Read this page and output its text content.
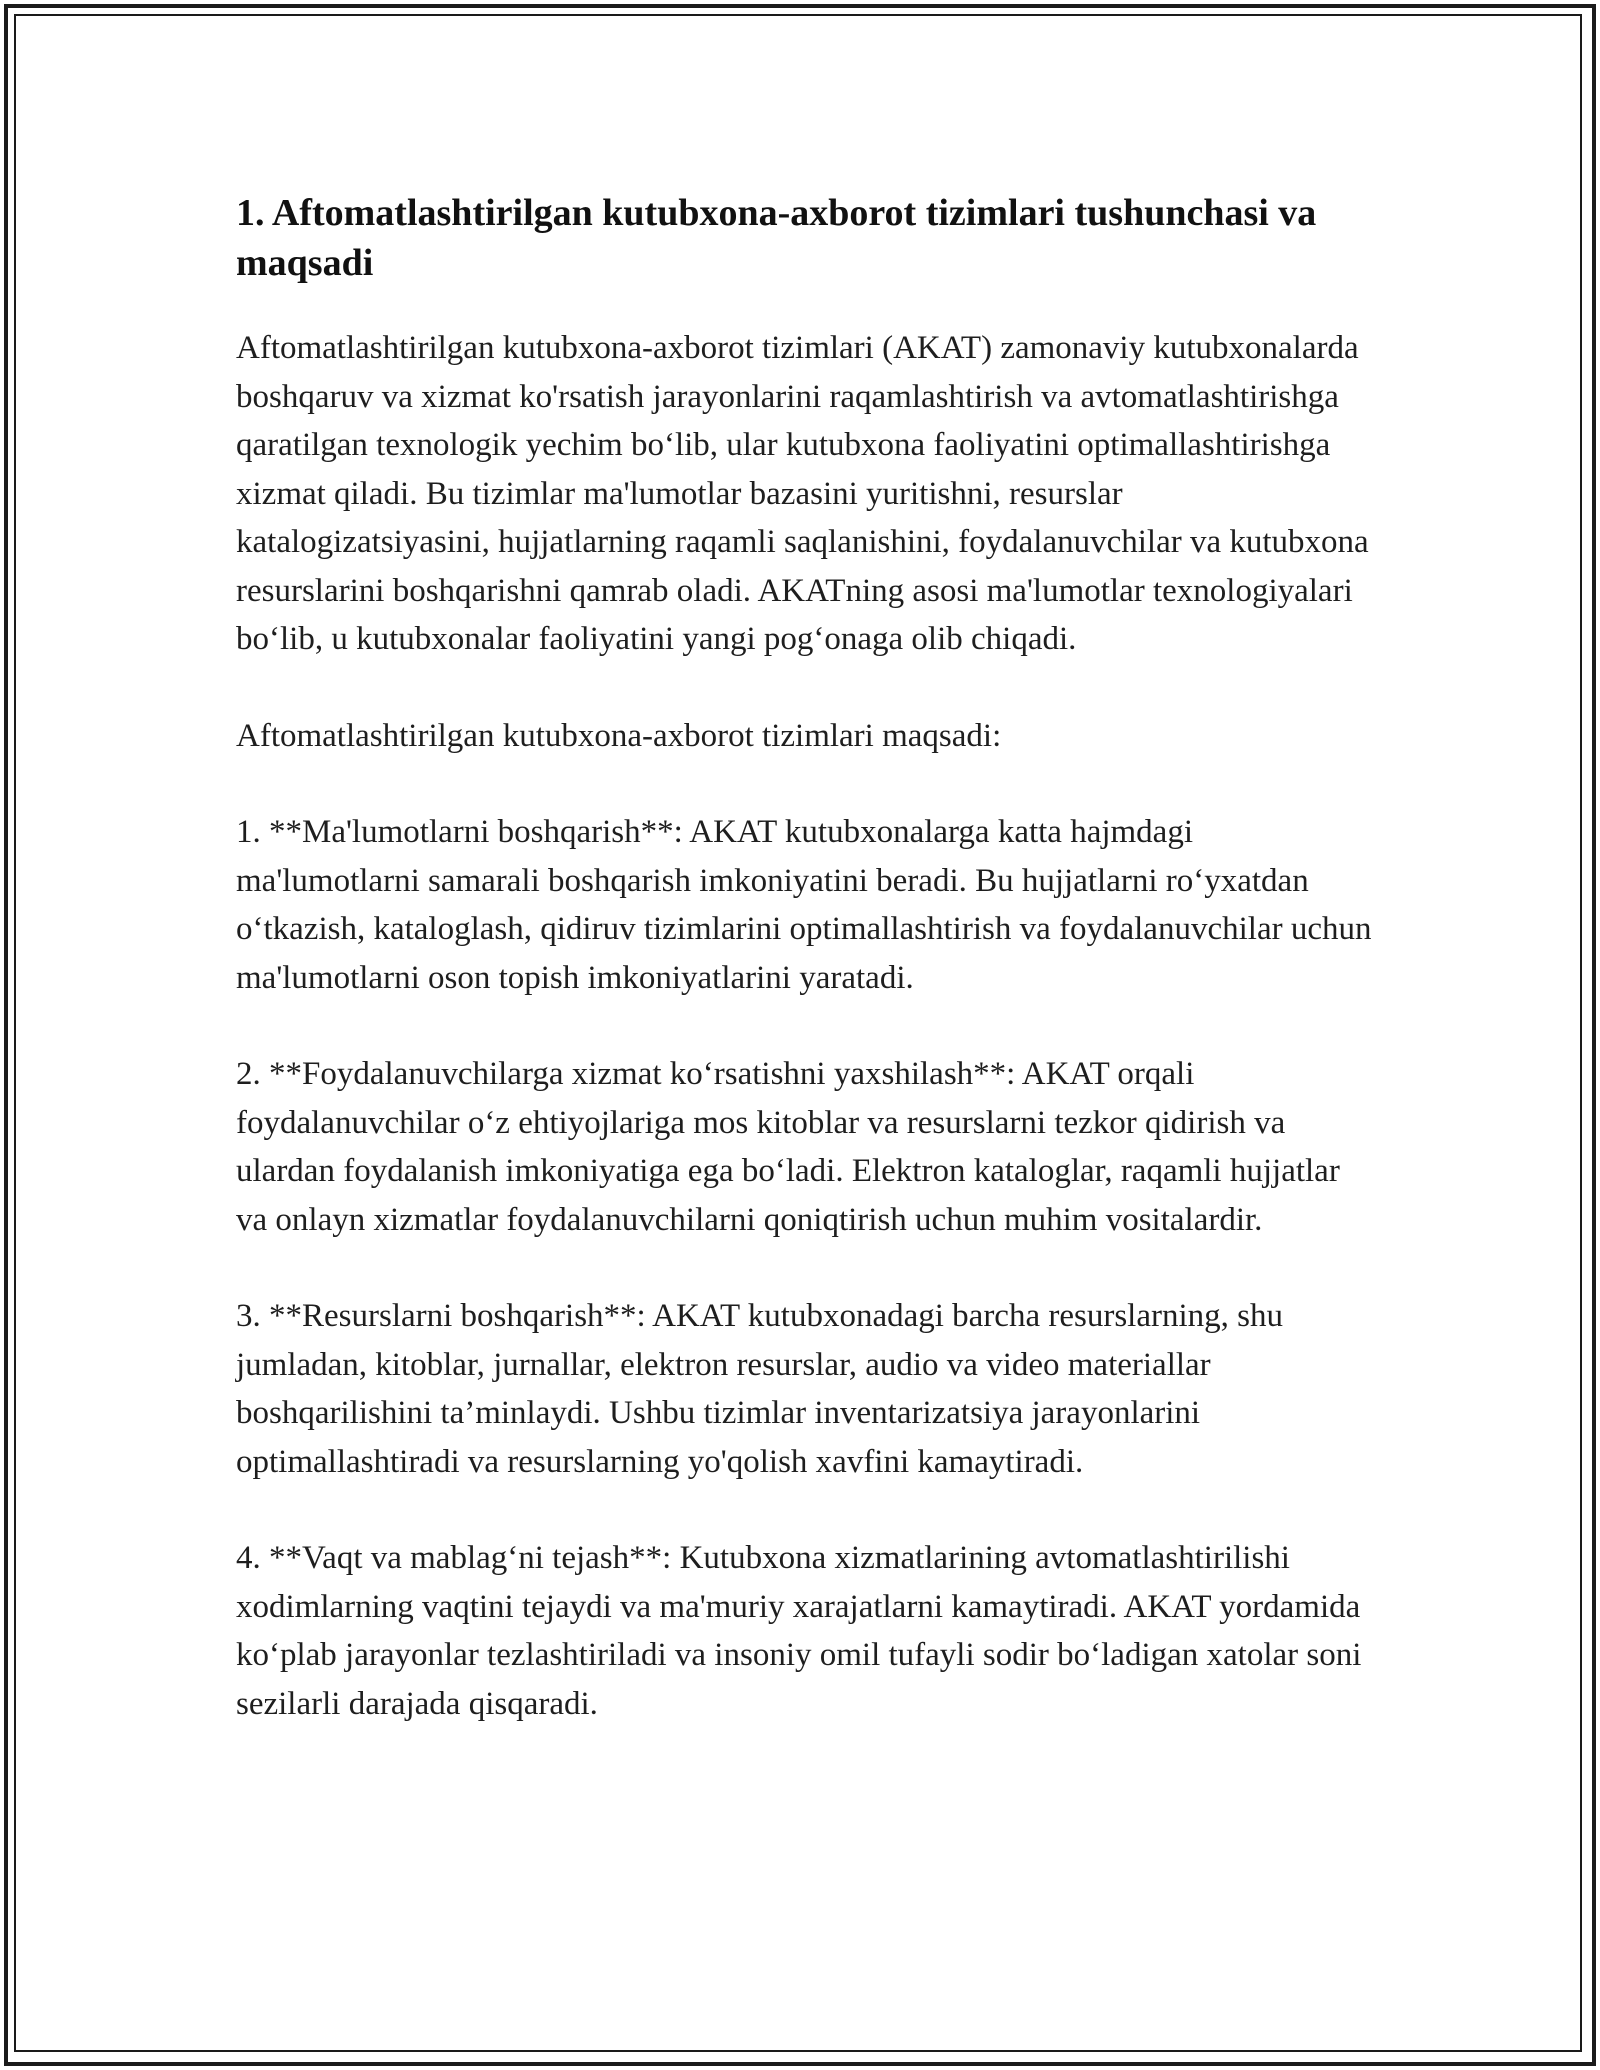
1. Aftomatlashtirilgan kutubxona-axborot tizimlari tushunchasi va maqsadi

Aftomatlashtirilgan kutubxona-axborot tizimlari (AKAT) zamonaviy kutubxonalarda boshqaruv va xizmat ko'rsatish jarayonlarini raqamlashtirish va avtomatlashtirishga qaratilgan texnologik yechim bo‘lib, ular kutubxona faoliyatini optimallashtirishga xizmat qiladi. Bu tizimlar ma'lumotlar bazasini yuritishni, resurslar katalogizatsiyasini, hujjatlarning raqamli saqlanishini, foydalanuvchilar va kutubxona resurslarini boshqarishni qamrab oladi. AKATning asosi ma'lumotlar texnologiyalari bo‘lib, u kutubxonalar faoliyatini yangi pog‘onaga olib chiqadi.

Aftomatlashtirilgan kutubxona-axborot tizimlari maqsadi:

1. **Ma'lumotlarni boshqarish**: AKAT kutubxonalarga katta hajmdagi ma'lumotlarni samarali boshqarish imkoniyatini beradi. Bu hujjatlarni ro‘yxatdan o‘tkazish, kataloglash, qidiruv tizimlarini optimallashtirish va foydalanuvchilar uchun ma'lumotlarni oson topish imkoniyatlarini yaratadi.

2. **Foydalanuvchilarga xizmat ko‘rsatishni yaxshilash**: AKAT orqali foydalanuvchilar o‘z ehtiyojlariga mos kitoblar va resurslarni tezkor qidirish va ulardan foydalanish imkoniyatiga ega bo‘ladi. Elektron kataloglar, raqamli hujjatlar va onlayn xizmatlar foydalanuvchilarni qoniqtirish uchun muhim vositalardir.

3. **Resurslarni boshqarish**: AKAT kutubxonadagi barcha resurslarning, shu jumladan, kitoblar, jurnallar, elektron resurslar, audio va video materiallar boshqarilishini ta’minlaydi. Ushbu tizimlar inventarizatsiya jarayonlarini optimallashtiradi va resurslarning yo'qolish xavfini kamaytiradi.

4. **Vaqt va mablag‘ni tejash**: Kutubxona xizmatlarining avtomatlashtirilishi xodimlarning vaqtini tejaydi va ma'muriy xarajatlarni kamaytiradi. AKAT yordamida ko‘plab jarayonlar tezlashtiriladi va insoniy omil tufayli sodir bo‘ladigan xatolar soni sezilarli darajada qisqaradi.
